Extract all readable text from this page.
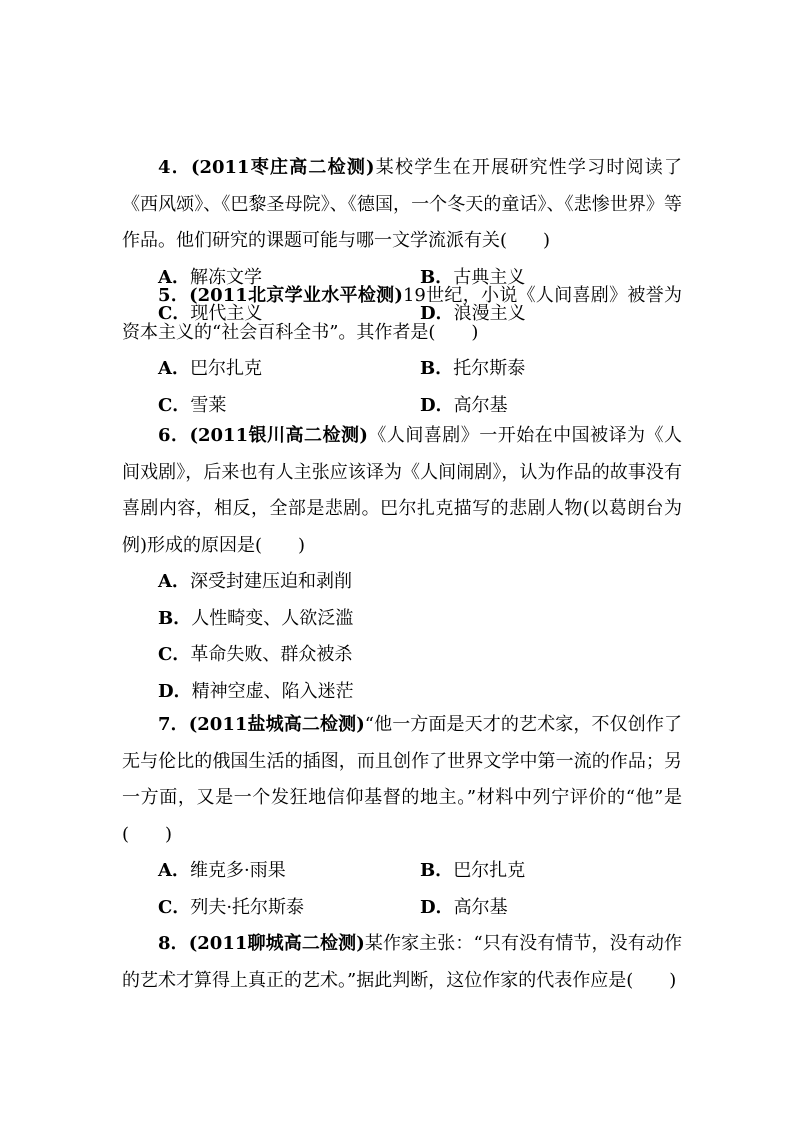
4．(2011枣庄高二检测)某校学生在开展研究性学习时阅读了《西风颂》、《巴黎圣母院》、《德国，一个冬天的童话》、《悲惨世界》等作品。他们研究的课题可能与哪一文学流派有关(　　)

A．解冻文学	B．古典主义
C．现代主义	D．浪漫主义

5．(2011北京学业水平检测)19世纪，小说《人间喜剧》被誉为资本主义的“社会百科全书”。其作者是(　　)

A．巴尔扎克	B．托尔斯泰
C．雪莱	D．高尔基

6．(2011银川高二检测)《人间喜剧》一开始在中国被译为《人间戏剧》，后来也有人主张应该译为《人间闹剧》，认为作品的故事没有喜剧内容，相反，全部是悲剧。巴尔扎克描写的悲剧人物(以葛朗台为例)形成的原因是(　　)

A．深受封建压迫和剥削
B．人性畸变、人欲泛滥
C．革命失败、群众被杀
D．精神空虚、陷入迷茫

7．(2011盐城高二检测)“他一方面是天才的艺术家，不仅创作了无与伦比的俄国生活的插图，而且创作了世界文学中第一流的作品；另一方面，又是一个发狂地信仰基督的地主。”材料中列宁评价的“他”是(　　)

A．维克多·雨果	B．巴尔扎克
C．列夫·托尔斯泰	D．高尔基

8．(2011聊城高二检测)某作家主张：“只有没有情节，没有动作的艺术才算得上真正的艺术。”据此判断，这位作家的代表作应是(　　)
